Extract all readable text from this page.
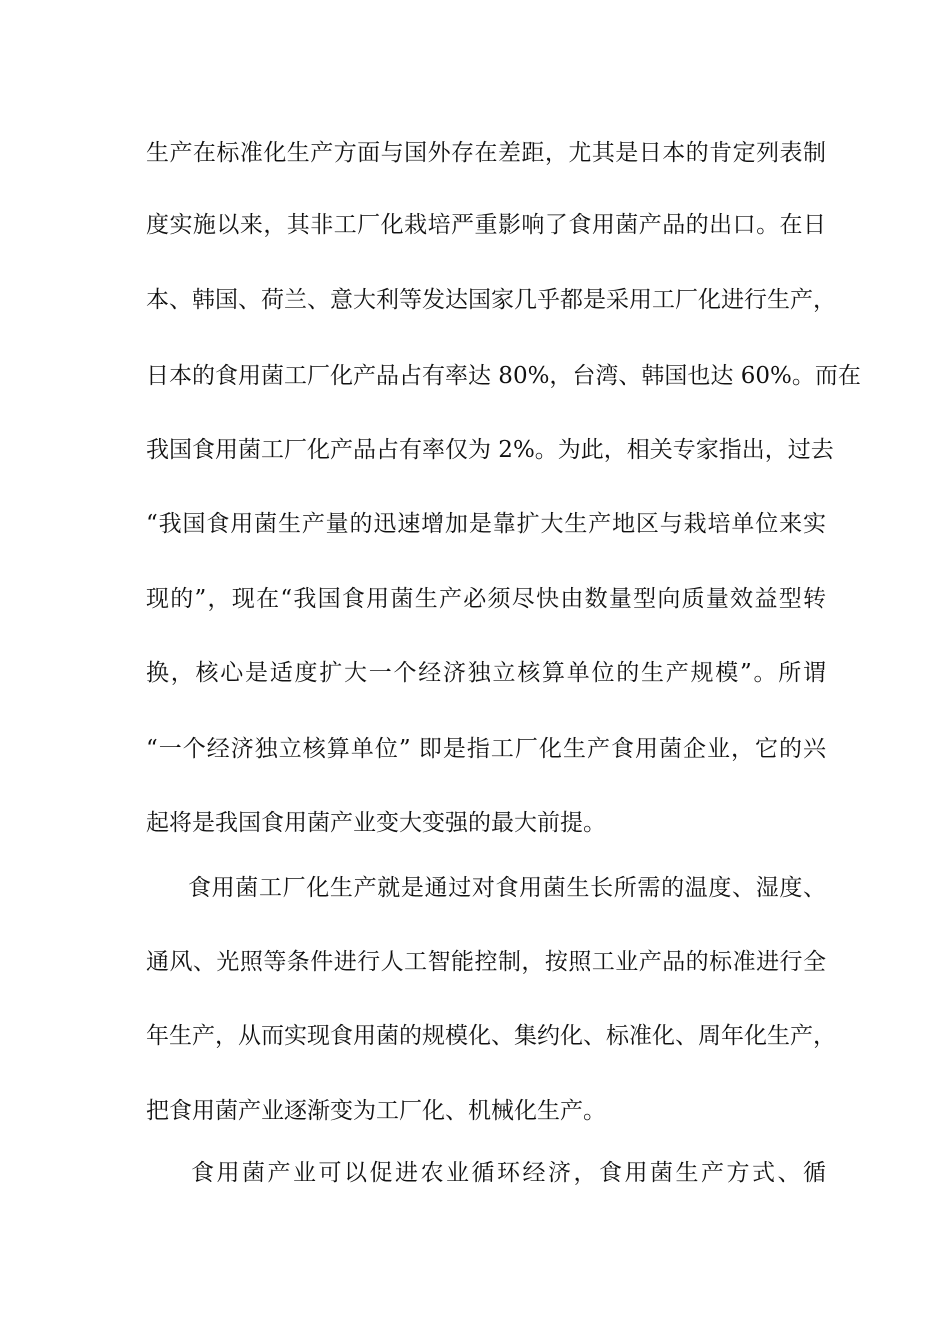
生产在标准化生产方面与国外存在差距，尤其是日本的肯定列表制
度实施以来，其非工厂化栽培严重影响了食用菌产品的出口。在日
本、韩国、荷兰、意大利等发达国家几乎都是采用工厂化进行生产，
日本的食用菌工厂化产品占有率达 80%，台湾、韩国也达 60%。而在
我国食用菌工厂化产品占有率仅为 2%。为此，相关专家指出，过去
“我国食用菌生产量的迅速增加是靠扩大生产地区与栽培单位来实
现的”，现在“我国食用菌生产必须尽快由数量型向质量效益型转
换，核心是适度扩大一个经济独立核算单位的生产规模”。所谓
“一个经济独立核算单位” 即是指工厂化生产食用菌企业，它的兴
起将是我国食用菌产业变大变强的最大前提。
食用菌工厂化生产就是通过对食用菌生长所需的温度、湿度、
通风、光照等条件进行人工智能控制，按照工业产品的标准进行全
年生产，从而实现食用菌的规模化、集约化、标准化、周年化生产，
把食用菌产业逐渐变为工厂化、机械化生产。
食用菌产业可以促进农业循环经济，食用菌生产方式、循
